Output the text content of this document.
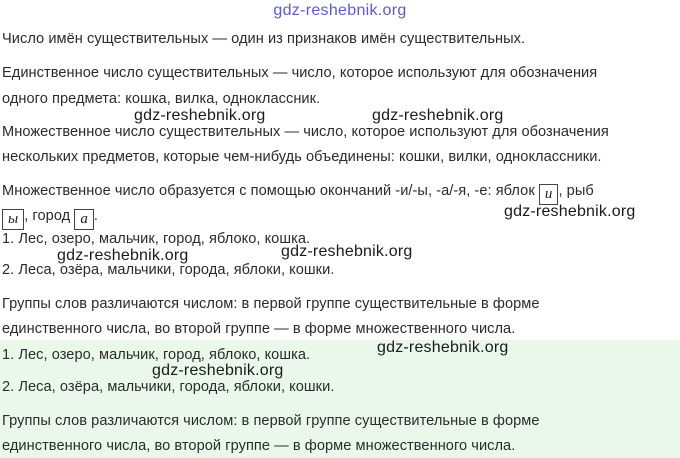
gdz-reshebnik.org
Число имён существительных — один из признаков имён существительных.
Единственное число существительных — число, которое используют для обозначения
одного предмета: кошка, вилка, одноклассник.
Множественное число существительных — число, которое используют для обозначения
нескольких предметов, которые чем-нибудь объединены: кошки, вилки, одноклассники.
Множественное число образуется с помощью окончаний -и/-ы, -а/-я, -е: яблок и , рыб
ы , город а .
1. Лес, озеро, мальчик, город, яблоко, кошка.
2. Леса, озёра, мальчики, города, яблоки, кошки.
Группы слов различаются числом: в первой группе существительные в форме
единственного числа, во второй группе — в форме множественного числа.
1. Лес, озеро, мальчик, город, яблоко, кошка.
2. Леса, озёра, мальчики, города, яблоки, кошки.
Группы слов различаются числом: в первой группе существительные в форме
единственного числа, во второй группе — в форме множественного числа.
gdz-reshebnik.org	gdz-reshebnik.org
gdz-reshebnik.org
gdz-reshebnik.org	gdz-reshebnik.org
gdz-reshebnik.org
gdz-reshebnik.org
